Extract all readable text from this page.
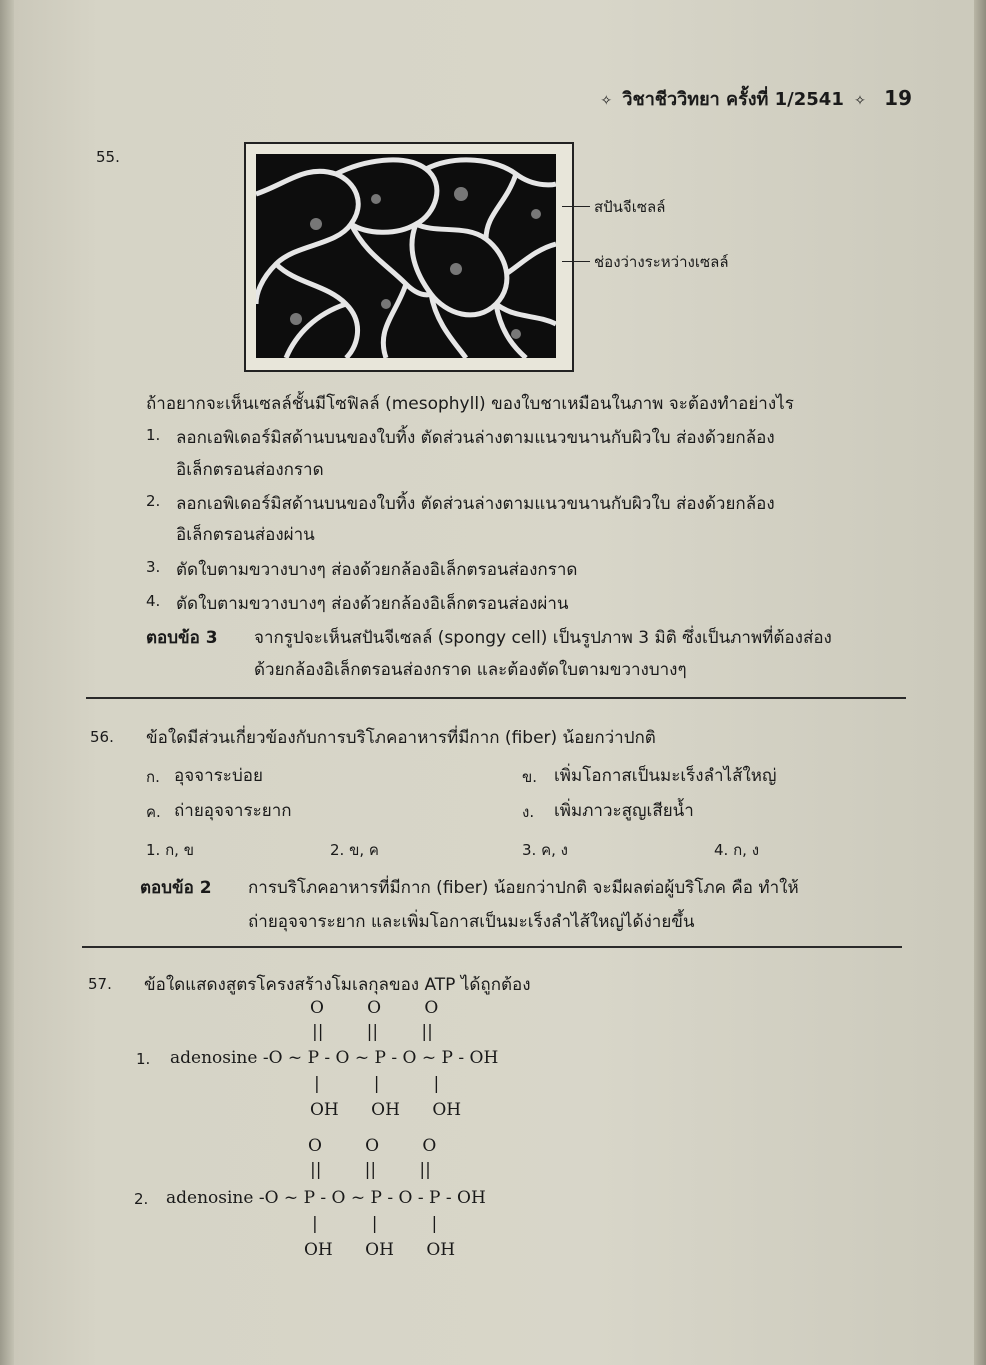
✧ วิชาชีววิทยา ครั้งที่ 1/2541 ✧ 19
55.
สปันจีเซลล์
ช่องว่างระหว่างเซลล์
ถ้าอยากจะเห็นเซลล์ชั้นมีโซฟิลล์ (mesophyll) ของใบชาเหมือนในภาพ จะต้องทำอย่างไร
1. ลอกเอพิเดอร์มิสด้านบนของใบทิ้ง ตัดส่วนล่างตามแนวขนานกับผิวใบ ส่องด้วยกล้อง
อิเล็กตรอนส่องกราด
2. ลอกเอพิเดอร์มิสด้านบนของใบทิ้ง ตัดส่วนล่างตามแนวขนานกับผิวใบ ส่องด้วยกล้อง
อิเล็กตรอนส่องผ่าน
3. ตัดใบตามขวางบางๆ ส่องด้วยกล้องอิเล็กตรอนส่องกราด
4. ตัดใบตามขวางบางๆ ส่องด้วยกล้องอิเล็กตรอนส่องผ่าน
ตอบข้อ 3 จากรูปจะเห็นสปันจีเซลล์ (spongy cell) เป็นรูปภาพ 3 มิติ ซึ่งเป็นภาพที่ต้องส่อง
ด้วยกล้องอิเล็กตรอนส่องกราด และต้องตัดใบตามขวางบางๆ
56. ข้อใดมีส่วนเกี่ยวข้องกับการบริโภคอาหารที่มีกาก (fiber) น้อยกว่าปกติ
ก. อุจจาระบ่อย	ข. เพิ่มโอกาสเป็นมะเร็งลำไส้ใหญ่
ค. ถ่ายอุจจาระยาก	ง. เพิ่มภาวะสูญเสียน้ำ
1. ก, ข	2. ข, ค	3. ค, ง	4. ก, ง
ตอบข้อ 2 การบริโภคอาหารที่มีกาก (fiber) น้อยกว่าปกติ จะมีผลต่อผู้บริโภค คือ ทำให้
ถ่ายอุจจาระยาก และเพิ่มโอกาสเป็นมะเร็งลำไส้ใหญ่ได้ง่ายขึ้น
57. ข้อใดแสดงสูตรโครงสร้างโมเลกุลของ ATP ได้ถูกต้อง
O        O        O
||        ||        ||
1. adenosine -O ~ P - O ~ P - O ~ P - OH
|          |          |
OH      OH      OH
O        O        O
||        ||        ||
2. adenosine -O ~ P - O ~ P - O - P - OH
|          |          |
OH      OH      OH
